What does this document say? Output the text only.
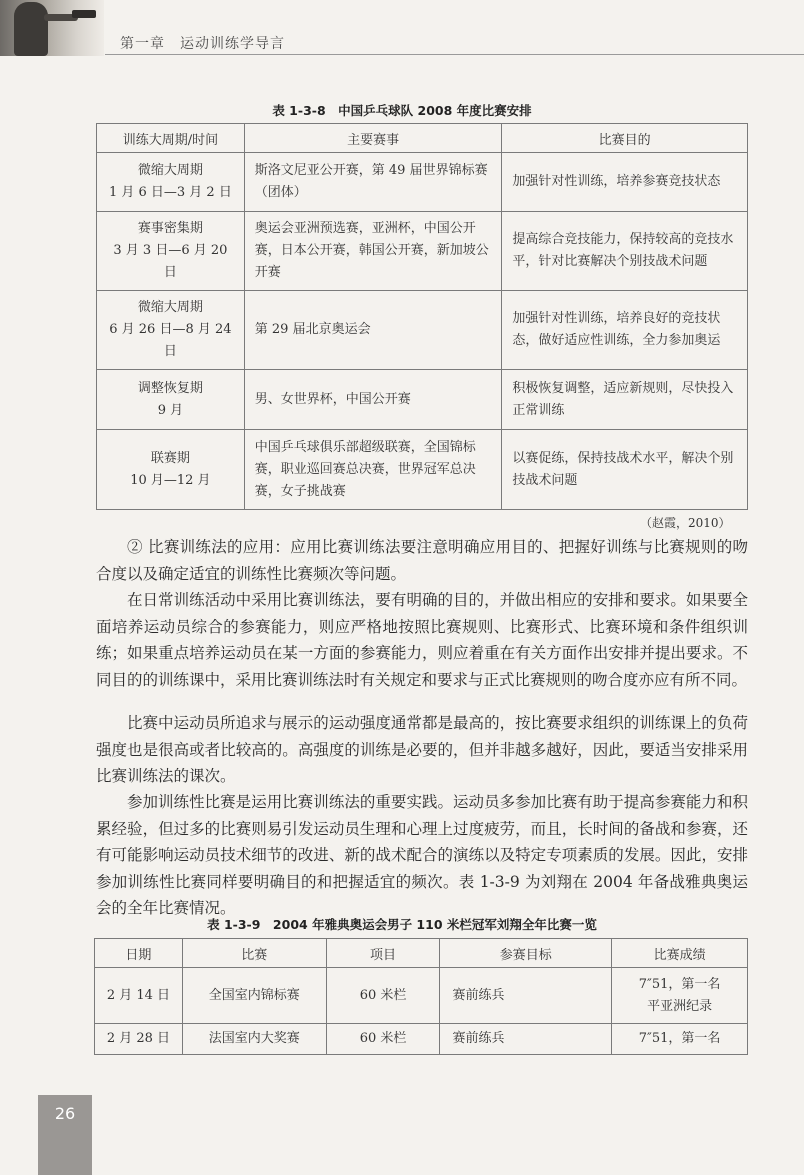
第一章　运动训练学导言
表 1-3-8　中国乒乓球队 2008 年度比赛安排
训练大周期/时间	主要赛事	比赛目的

微缩大周期
1 月 6 日—3 月 2 日	斯洛文尼亚公开赛，第 49 届世界锦标赛（团体）	加强针对性训练，培养参赛竞技状态

赛事密集期
3 月 3 日—6 月 20 日	奥运会亚洲预选赛，亚洲杯，中国公开赛，日本公开赛，韩国公开赛，新加坡公开赛	提高综合竞技能力，保持较高的竞技水平，针对比赛解决个别技战术问题

微缩大周期
6 月 26 日—8 月 24 日	第 29 届北京奥运会	加强针对性训练，培养良好的竞技状态，做好适应性训练，全力参加奥运

调整恢复期
9 月	男、女世界杯，中国公开赛	积极恢复调整，适应新规则，尽快投入正常训练

联赛期
10 月—12 月	中国乒乓球俱乐部超级联赛，全国锦标赛，职业巡回赛总决赛，世界冠军总决赛，女子挑战赛	以赛促练，保持技战术水平，解决个别技战术问题
（赵霞，2010）

② 比赛训练法的应用：应用比赛训练法要注意明确应用目的、把握好训练与比赛规则的吻合度以及确定适宜的训练性比赛频次等问题。

在日常训练活动中采用比赛训练法，要有明确的目的，并做出相应的安排和要求。如果要全面培养运动员综合的参赛能力，则应严格地按照比赛规则、比赛形式、比赛环境和条件组织训练；如果重点培养运动员在某一方面的参赛能力，则应着重在有关方面作出安排并提出要求。不同目的的训练课中，采用比赛训练法时有关规定和要求与正式比赛规则的吻合度亦应有所不同。

比赛中运动员所追求与展示的运动强度通常都是最高的，按比赛要求组织的训练课上的负荷强度也是很高或者比较高的。高强度的训练是必要的，但并非越多越好，因此，要适当安排采用比赛训练法的课次。

参加训练性比赛是运用比赛训练法的重要实践。运动员多参加比赛有助于提高参赛能力和积累经验，但过多的比赛则易引发运动员生理和心理上过度疲劳，而且，长时间的备战和参赛，还有可能影响运动员技术细节的改进、新的战术配合的演练以及特定专项素质的发展。因此，安排参加训练性比赛同样要明确目的和把握适宜的频次。表 1-3-9 为刘翔在 2004 年备战雅典奥运会的全年比赛情况。

表 1-3-9　2004 年雅典奥运会男子 110 米栏冠军刘翔全年比赛一览
日期	比赛	项目	参赛目标	比赛成绩
2 月 14 日	全国室内锦标赛	60 米栏	赛前练兵	7″51，第一名
平亚洲纪录

2 月 28 日	法国室内大奖赛	60 米栏	赛前练兵	7″51，第一名
26
